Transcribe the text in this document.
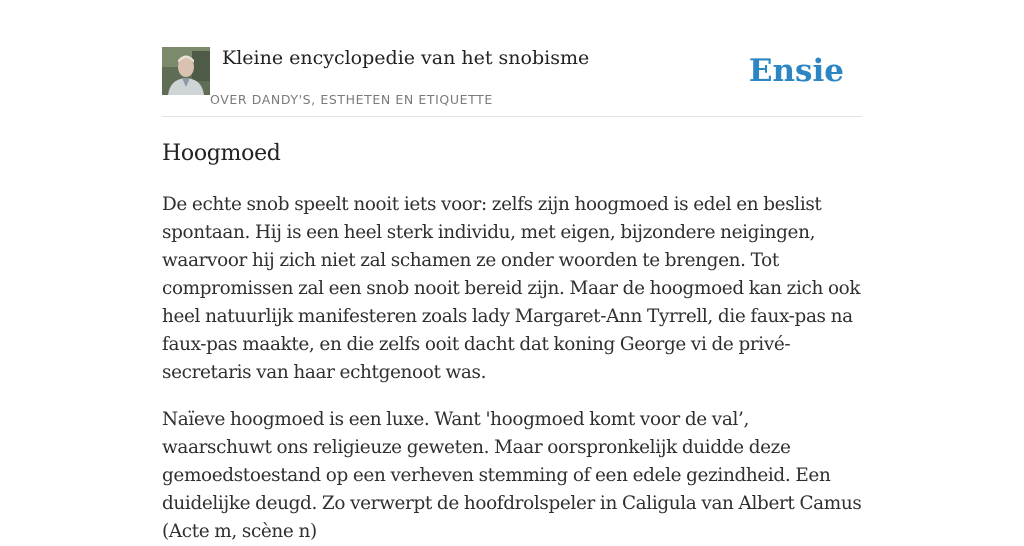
Kleine encyclopedie van het snobisme
OVER DANDY'S, ESTHETEN EN ETIQUETTE
Ensie
Hoogmoed

De echte snob speelt nooit iets voor: zelfs zijn hoogmoed is edel en beslist spontaan. Hij is een heel sterk individu, met eigen, bijzondere neigingen, waarvoor hij zich niet zal schamen ze onder woorden te brengen. Tot compromissen zal een snob nooit bereid zijn. Maar de hoogmoed kan zich ook heel natuurlijk manifesteren zoals lady Margaret-Ann Tyrrell, die faux-pas na faux-pas maakte, en die zelfs ooit dacht dat koning George vi de privé-secretaris van haar echtgenoot was.

Naïeve hoogmoed is een luxe. Want 'hoogmoed komt voor de val’, waarschuwt ons religieuze geweten. Maar oorspronkelijk duidde deze gemoedstoestand op een verheven stemming of een edele gezindheid. Een duidelijke deugd. Zo verwerpt de hoofdrolspeler in Caligula van Albert Camus (Acte m, scène n)
